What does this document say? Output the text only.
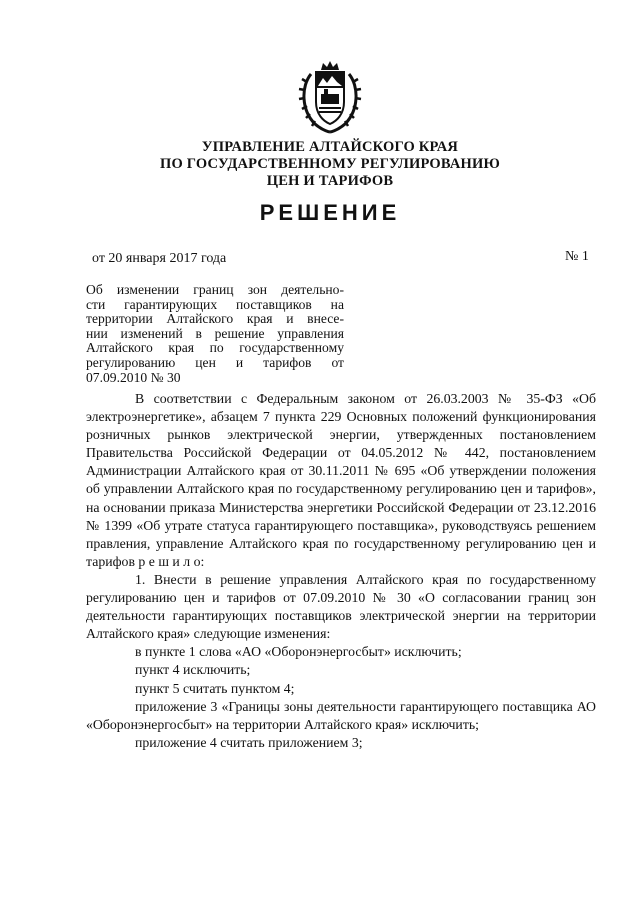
УПРАВЛЕНИЕ АЛТАЙСКОГО КРАЯ
ПО ГОСУДАРСТВЕННОМУ РЕГУЛИРОВАНИЮ
ЦЕН И ТАРИФОВ
РЕШЕНИЕ
от 20 января 2017 года	№ 1
Об изменении границ зон деятельно-
сти гарантирующих поставщиков на
территории Алтайского края и внесе-
нии изменений в решение управления
Алтайского края по государственному
регулированию цен и тарифов от
07.09.2010 № 30

В соответствии с Федеральным законом от 26.03.2003 № 35-ФЗ «Об электроэнергетике», абзацем 7 пункта 229 Основных положений функционирования розничных рынков электрической энергии, утвержденных постановлением Правительства Российской Федерации от 04.05.2012 № 442, постановлением Администрации Алтайского края от 30.11.2011 № 695 «Об утверждении положения об управлении Алтайского края по государственному регулированию цен и тарифов», на основании приказа Министерства энергетики Российской Федерации от 23.12.2016 № 1399 «Об утрате статуса гарантирующего поставщика», руководствуясь решением правления, управление Алтайского края по государственному регулированию цен и тарифов р е ш и л о:

1. Внести в решение управления Алтайского края по государственному регулированию цен и тарифов от 07.09.2010 № 30 «О согласовании границ зон деятельности гарантирующих поставщиков электрической энергии на территории Алтайского края» следующие изменения:

в пункте 1 слова «АО «Оборонэнергосбыт» исключить;

пункт 4 исключить;

пункт 5 считать пунктом 4;

приложение 3 «Границы зоны деятельности гарантирующего поставщика АО «Оборонэнергосбыт» на территории Алтайского края» исключить;

приложение 4 считать приложением 3;
